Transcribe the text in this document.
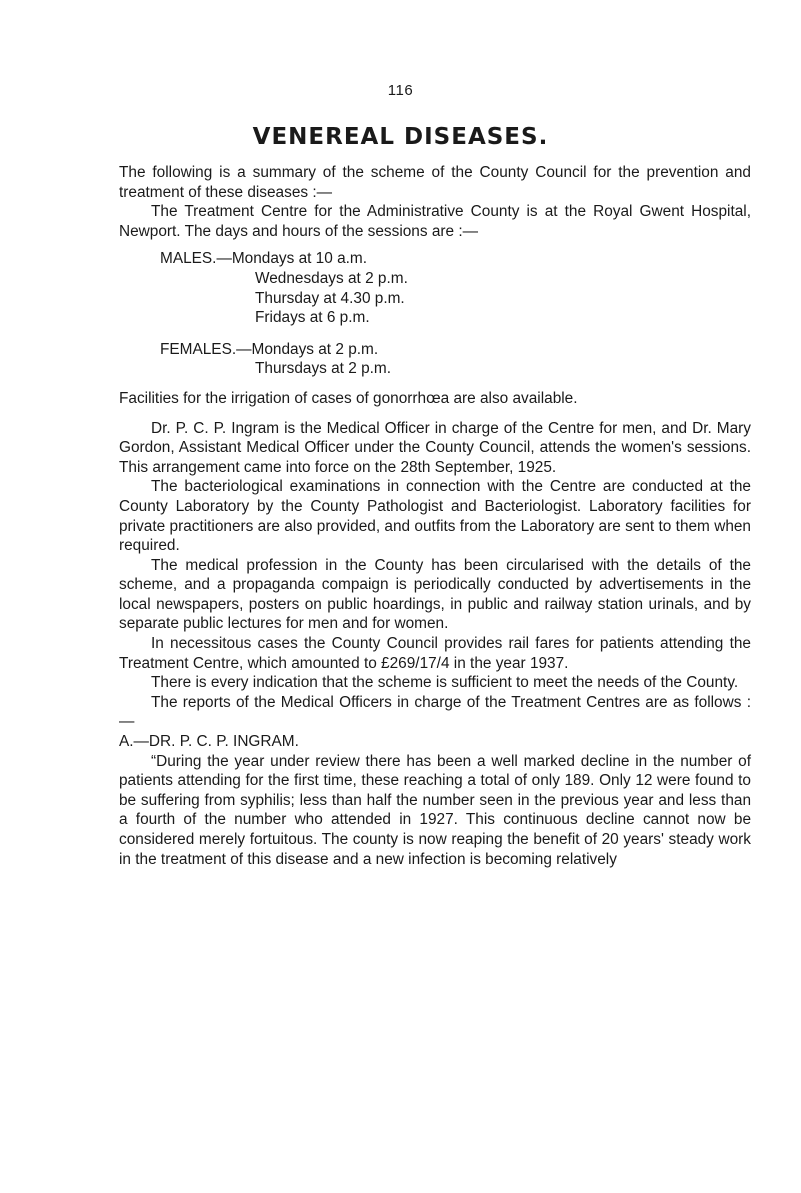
116
VENEREAL DISEASES.

The following is a summary of the scheme of the County Council for the prevention and treatment of these diseases :—

The Treatment Centre for the Administrative County is at the Royal Gwent Hospital, Newport. The days and hours of the sessions are :—

MALES.—Mondays at 10 a.m.
Wednesdays at 2 p.m.
Thursday at 4.30 p.m.
Fridays at 6 p.m.
FEMALES.—Mondays at 2 p.m.
Thursdays at 2 p.m.

Facilities for the irrigation of cases of gonorrhœa are also available.

Dr. P. C. P. Ingram is the Medical Officer in charge of the Centre for men, and Dr. Mary Gordon, Assistant Medical Officer under the County Council, attends the women's sessions. This arrangement came into force on the 28th September, 1925.

The bacteriological examinations in connection with the Centre are conducted at the County Laboratory by the County Pathologist and Bacteriologist. Laboratory facilities for private practitioners are also provided, and outfits from the Laboratory are sent to them when required.

The medical profession in the County has been circularised with the details of the scheme, and a propaganda compaign is periodically conducted by advertisements in the local newspapers, posters on public hoardings, in public and railway station urinals, and by separate public lectures for men and for women.

In necessitous cases the County Council provides rail fares for patients attending the Treatment Centre, which amounted to £269/17/4 in the year 1937.

There is every indication that the scheme is sufficient to meet the needs of the County.

The reports of the Medical Officers in charge of the Treatment Centres are as follows :—

A.—DR. P. C. P. INGRAM.

“During the year under review there has been a well marked decline in the number of patients attending for the first time, these reaching a total of only 189. Only 12 were found to be suffering from syphilis; less than half the number seen in the previous year and less than a fourth of the number who attended in 1927. This continuous decline cannot now be considered merely fortuitous. The county is now reaping the benefit of 20 years' steady work in the treatment of this disease and a new infection is becoming relatively
